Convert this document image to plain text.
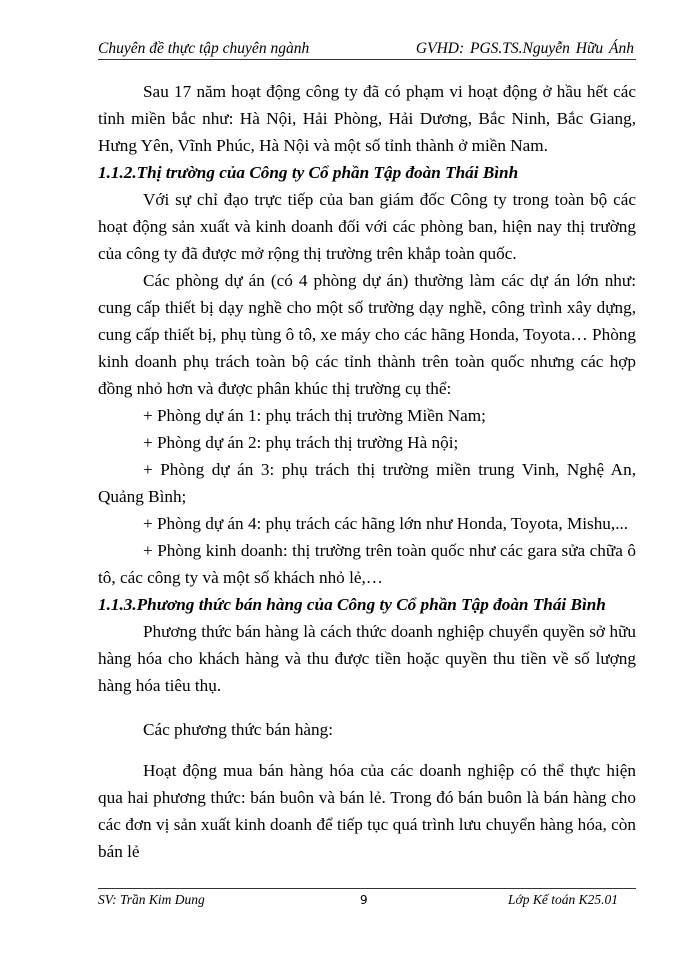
Chuyên đề thực tập chuyên ngành	GVHD: PGS.TS.Nguyễn Hữu Ánh

Sau 17 năm hoạt động công ty đã có phạm vi hoạt động ở hầu hết các tỉnh miền bắc như: Hà Nội, Hải Phòng, Hải Dương, Bắc Ninh, Bắc Giang, Hưng Yên, Vĩnh Phúc, Hà Nội và một số tỉnh thành ở miền Nam.

1.1.2.Thị trường của Công ty Cổ phần Tập đoàn Thái Bình

Với sự chỉ đạo trực tiếp của ban giám đốc Công ty trong toàn bộ các hoạt động sản xuất và kinh doanh đối với các phòng ban, hiện nay thị trường của công ty đã được mở rộng thị trường trên khắp toàn quốc.

Các phòng dự án (có 4 phòng dự án) thường làm các dự án lớn như: cung cấp thiết bị dạy nghề cho một số trường dạy nghề, công trình xây dựng, cung cấp thiết bị, phụ tùng ô tô, xe máy cho các hãng Honda, Toyota… Phòng kinh doanh phụ trách toàn bộ các tỉnh thành trên toàn quốc nhưng các hợp đồng nhỏ hơn và được phân khúc thị trường cụ thể:

+ Phòng dự án 1: phụ trách thị trường Miền Nam;

+ Phòng dự án 2: phụ trách thị trường Hà nội;

+ Phòng dự án 3: phụ trách thị trường miền trung Vinh, Nghệ An, Quảng Bình;

+ Phòng dự án 4: phụ trách các hãng lớn như Honda, Toyota, Mishu,...

+ Phòng kinh doanh: thị trường trên toàn quốc như các gara sửa chữa ô tô, các công ty và một số khách nhỏ lẻ,…

1.1.3.Phương thức bán hàng của Công ty Cổ phần Tập đoàn Thái Bình

Phương thức bán hàng là cách thức doanh nghiệp chuyển quyền sở hữu hàng hóa cho khách hàng và thu được tiền hoặc quyền thu tiền về số lượng hàng hóa tiêu thụ.

Các phương thức bán hàng:

Hoạt động mua bán hàng hóa của các doanh nghiệp có thể thực hiện qua hai phương thức: bán buôn và bán lẻ. Trong đó bán buôn là bán hàng cho các đơn vị sản xuất kinh doanh để tiếp tục quá trình lưu chuyển hàng hóa, còn bán lẻ

SV: Trần Kim Dung	9	Lớp Kế toán K25.01
